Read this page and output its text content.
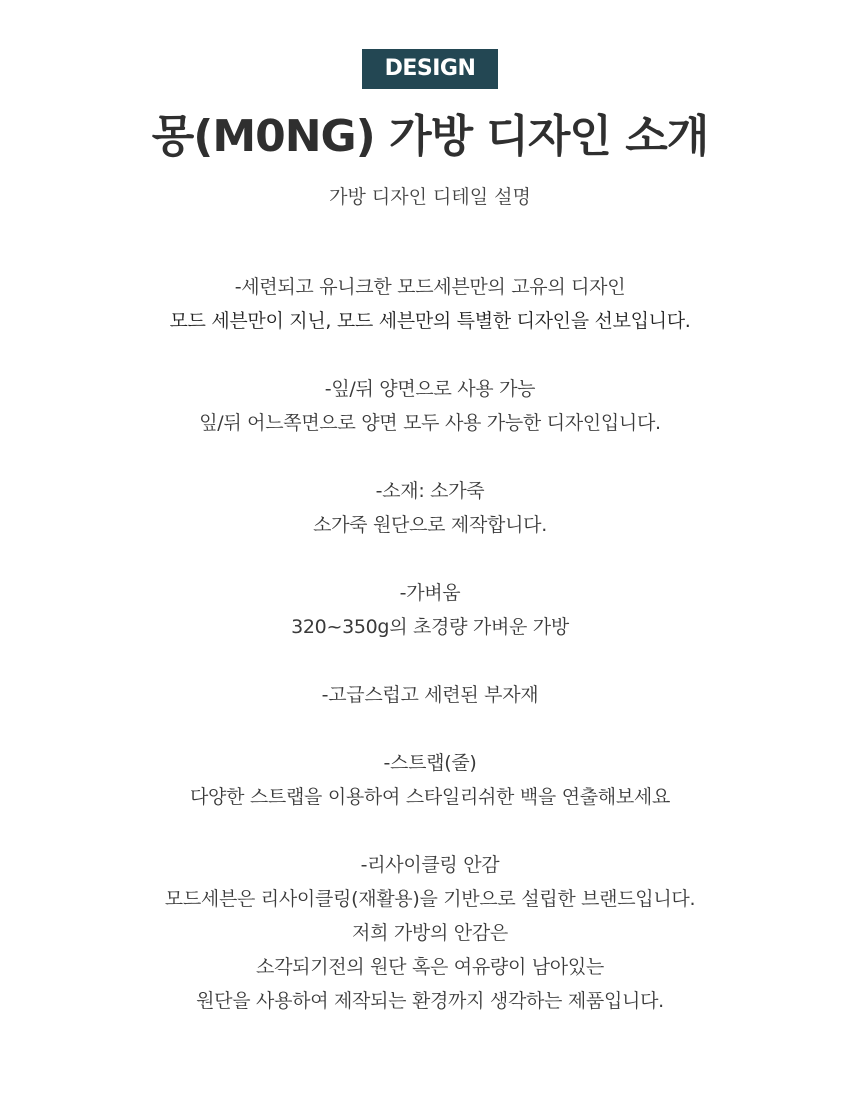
DESIGN
몽(M0NG) 가방 디자인 소개
가방 디자인 디테일 설명
-세련되고 유니크한 모드세븐만의 고유의 디자인
모드 세븐만이 지닌, 모드 세븐만의 특별한 디자인을 선보입니다.
-잎/뒤 양면으로 사용 가능
잎/뒤 어느쪽면으로 양면 모두 사용 가능한 디자인입니다.
-소재: 소가죽
소가죽 원단으로 제작합니다.
-가벼움
320~350g의 초경량 가벼운 가방
-고급스럽고 세련된 부자재
-스트랩(줄)
다양한 스트랩을 이용하여 스타일리쉬한 백을 연출해보세요
-리사이클링 안감
모드세븐은 리사이클링(재활용)을 기반으로 설립한 브랜드입니다.
저희 가방의 안감은
소각되기전의 원단 혹은 여유량이 남아있는
원단을 사용하여 제작되는 환경까지 생각하는 제품입니다.
